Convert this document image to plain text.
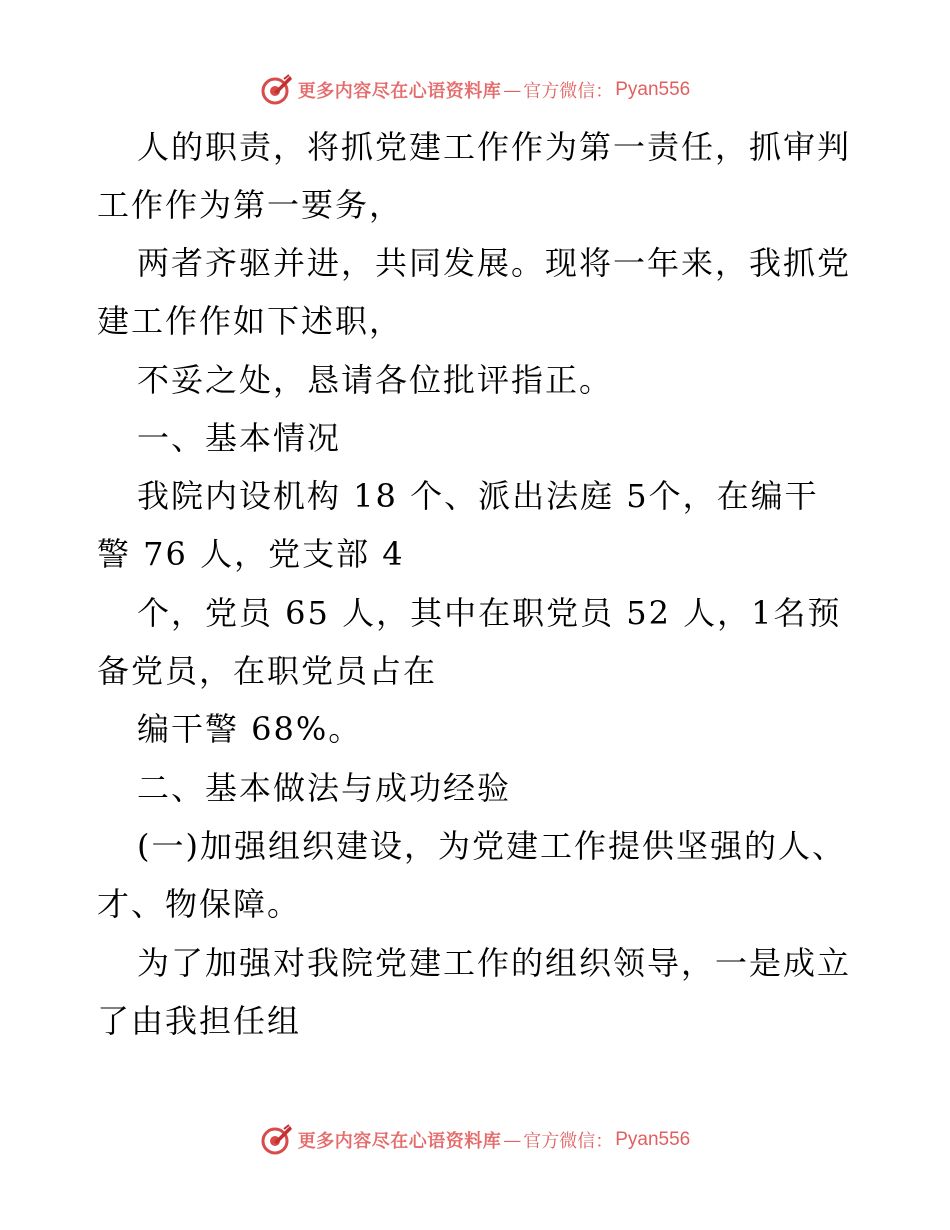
更多内容尽在心语资料库 — 官方微信： Pyan556
人的职责，将抓党建工作作为第一责任，抓审判
工作作为第一要务，
两者齐驱并进，共同发展。现将一年来，我抓党
建工作作如下述职，
不妥之处，恳请各位批评指正。
一、基本情况
我院内设机构 18 个、派出法庭 5个，在编干
警 76 人，党支部 4
个，党员 65 人，其中在职党员 52 人，1名预
备党员，在职党员占在
编干警 68%。
二、基本做法与成功经验
(一)加强组织建设，为党建工作提供坚强的人、
才、物保障。
为了加强对我院党建工作的组织领导，一是成立
了由我担任组
更多内容尽在心语资料库 — 官方微信： Pyan556
